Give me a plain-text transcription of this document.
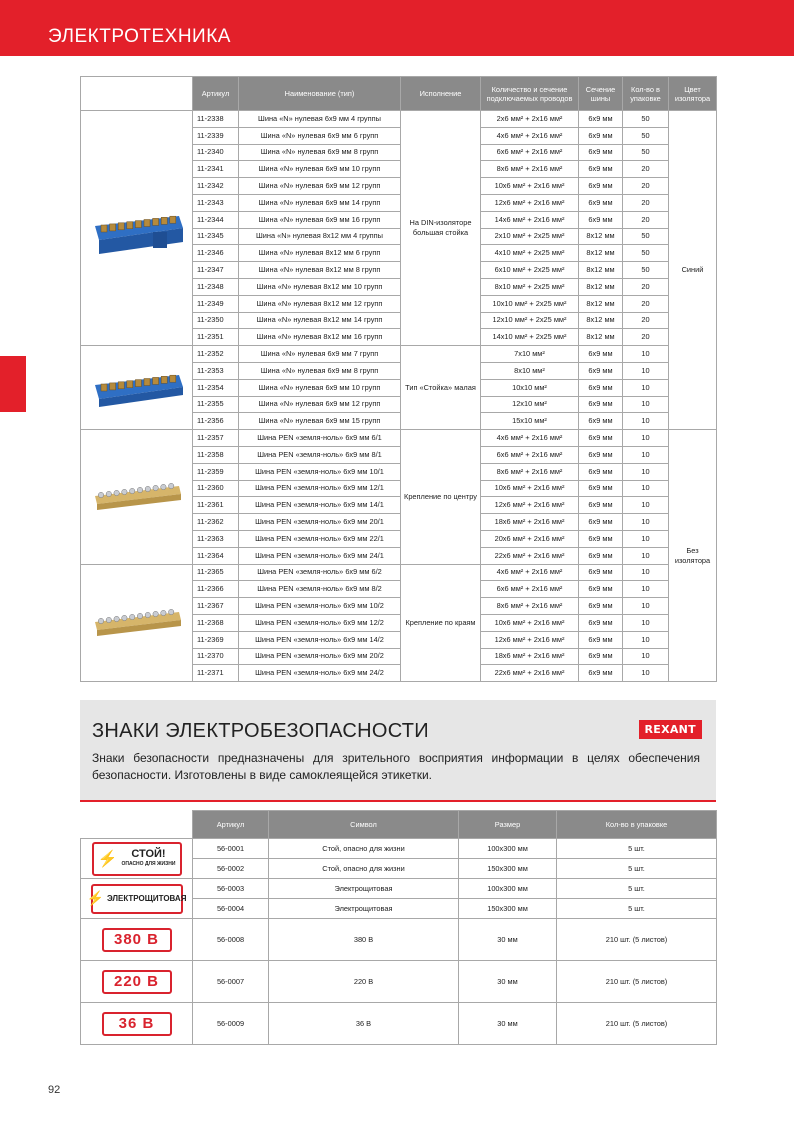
ЭЛЕКТРОТЕХНИКА
	Артикул	Наименование (тип)	Исполнение	Количество и сечение подключаемых проводов	Сечение шины	Кол-во в упаковке	Цвет изолятора
	11-2338	Шина «N» нулевая 6х9 мм 4 группы	На DIN-изоляторе большая стойка	2х6 мм² + 2х16 мм²	6х9 мм	50	Синий
	11-2339	Шина «N» нулевая 6х9 мм 6 групп		4х6 мм² + 2х16 мм²	6х9 мм	50	
	11-2340	Шина «N» нулевая 6х9 мм 8 групп		6х6 мм² + 2х16 мм²	6х9 мм	50	
	11-2341	Шина «N» нулевая 6х9 мм 10 групп		8х6 мм² + 2х16 мм²	6х9 мм	20	
	11-2342	Шина «N» нулевая 6х9 мм 12 групп		10х6 мм² + 2х16 мм²	6х9 мм	20	
	11-2343	Шина «N» нулевая 6х9 мм 14 групп		12х6 мм² + 2х16 мм²	6х9 мм	20	
	11-2344	Шина «N» нулевая 6х9 мм 16 групп		14х6 мм² + 2х16 мм²	6х9 мм	20	
	11-2345	Шина «N» нулевая 8х12 мм 4 группы		2х10 мм² + 2х25 мм²	8х12 мм	50	
	11-2346	Шина «N» нулевая 8х12 мм 6 групп		4х10 мм² + 2х25 мм²	8х12 мм	50	
	11-2347	Шина «N» нулевая 8х12 мм 8 групп		6х10 мм² + 2х25 мм²	8х12 мм	50	
	11-2348	Шина «N» нулевая 8х12 мм 10 групп		8х10 мм² + 2х25 мм²	8х12 мм	20	
	11-2349	Шина «N» нулевая 8х12 мм 12 групп		10х10 мм² + 2х25 мм²	8х12 мм	20	
	11-2350	Шина «N» нулевая 8х12 мм 14 групп		12х10 мм² + 2х25 мм²	8х12 мм	20	
	11-2351	Шина «N» нулевая 8х12 мм 16 групп		14х10 мм² + 2х25 мм²	8х12 мм	20	
	11-2352	Шина «N» нулевая 6х9 мм 7 групп	Тип «Стойка» малая	7х10 мм²	6х9 мм	10	
	11-2353	Шина «N» нулевая 6х9 мм 8 групп		8х10 мм²	6х9 мм	10	
	11-2354	Шина «N» нулевая 6х9 мм 10 групп		10х10 мм²	6х9 мм	10	
	11-2355	Шина «N» нулевая 6х9 мм 12 групп		12х10 мм²	6х9 мм	10	
	11-2356	Шина «N» нулевая 6х9 мм 15 групп		15х10 мм²	6х9 мм	10	
	11-2357	Шина PEN «земля-ноль» 6х9 мм 6/1	Крепление по центру	4х6 мм² + 2х16 мм²	6х9 мм	10	Без изолятора
	11-2358	Шина PEN «земля-ноль» 6х9 мм 8/1		6х6 мм² + 2х16 мм²	6х9 мм	10	
	11-2359	Шина PEN «земля-ноль» 6х9 мм 10/1		8х6 мм² + 2х16 мм²	6х9 мм	10	
	11-2360	Шина PEN «земля-ноль» 6х9 мм 12/1		10х6 мм² + 2х16 мм²	6х9 мм	10	
	11-2361	Шина PEN «земля-ноль» 6х9 мм 14/1		12х6 мм² + 2х16 мм²	6х9 мм	10	
	11-2362	Шина PEN «земля-ноль» 6х9 мм 20/1		18х6 мм² + 2х16 мм²	6х9 мм	10	
	11-2363	Шина PEN «земля-ноль» 6х9 мм 22/1		20х6 мм² + 2х16 мм²	6х9 мм	10	
	11-2364	Шина PEN «земля-ноль» 6х9 мм 24/1		22х6 мм² + 2х16 мм²	6х9 мм	10	
	11-2365	Шина PEN «земля-ноль» 6х9 мм 6/2	Крепление по краям	4х6 мм² + 2х16 мм²	6х9 мм	10	
	11-2366	Шина PEN «земля-ноль» 6х9 мм 8/2		6х6 мм² + 2х16 мм²	6х9 мм	10	
	11-2367	Шина PEN «земля-ноль» 6х9 мм 10/2		8х6 мм² + 2х16 мм²	6х9 мм	10	
	11-2368	Шина PEN «земля-ноль» 6х9 мм 12/2		10х6 мм² + 2х16 мм²	6х9 мм	10	
	11-2369	Шина PEN «земля-ноль» 6х9 мм 14/2		12х6 мм² + 2х16 мм²	6х9 мм	10	
	11-2370	Шина PEN «земля-ноль» 6х9 мм 20/2		18х6 мм² + 2х16 мм²	6х9 мм	10	
	11-2371	Шина PEN «земля-ноль» 6х9 мм 24/2		22х6 мм² + 2х16 мм²	6х9 мм	10	
ЗНАКИ ЭЛЕКТРОБЕЗОПАСНОСТИ	REXANT
Знаки безопасности предназначены для зрительного восприятия информации в целях обеспечения безопасности. Изготовлены в виде самоклеящейся этикетки.
	Артикул	Символ	Размер	Кол-во в упаковке

⚡ СТОЙ!
ОПАСНО ДЛЯ ЖИЗНИ	56-0001	Стой, опасно для жизни	100х300 мм	5 шт.
	56-0002	Стой, опасно для жизни	150х300 мм	5 шт.

⚡ ЭЛЕКТРОЩИТОВАЯ	56-0003	Электрощитовая	100х300 мм	5 шт.
	56-0004	Электрощитовая	150х300 мм	5 шт.
380 В	56-0008	380 В	30 мм	210 шт. (5 листов)
220 В	56-0007	220 В	30 мм	210 шт. (5 листов)
36 В	56-0009	36 В	30 мм	210 шт. (5 листов)
92
